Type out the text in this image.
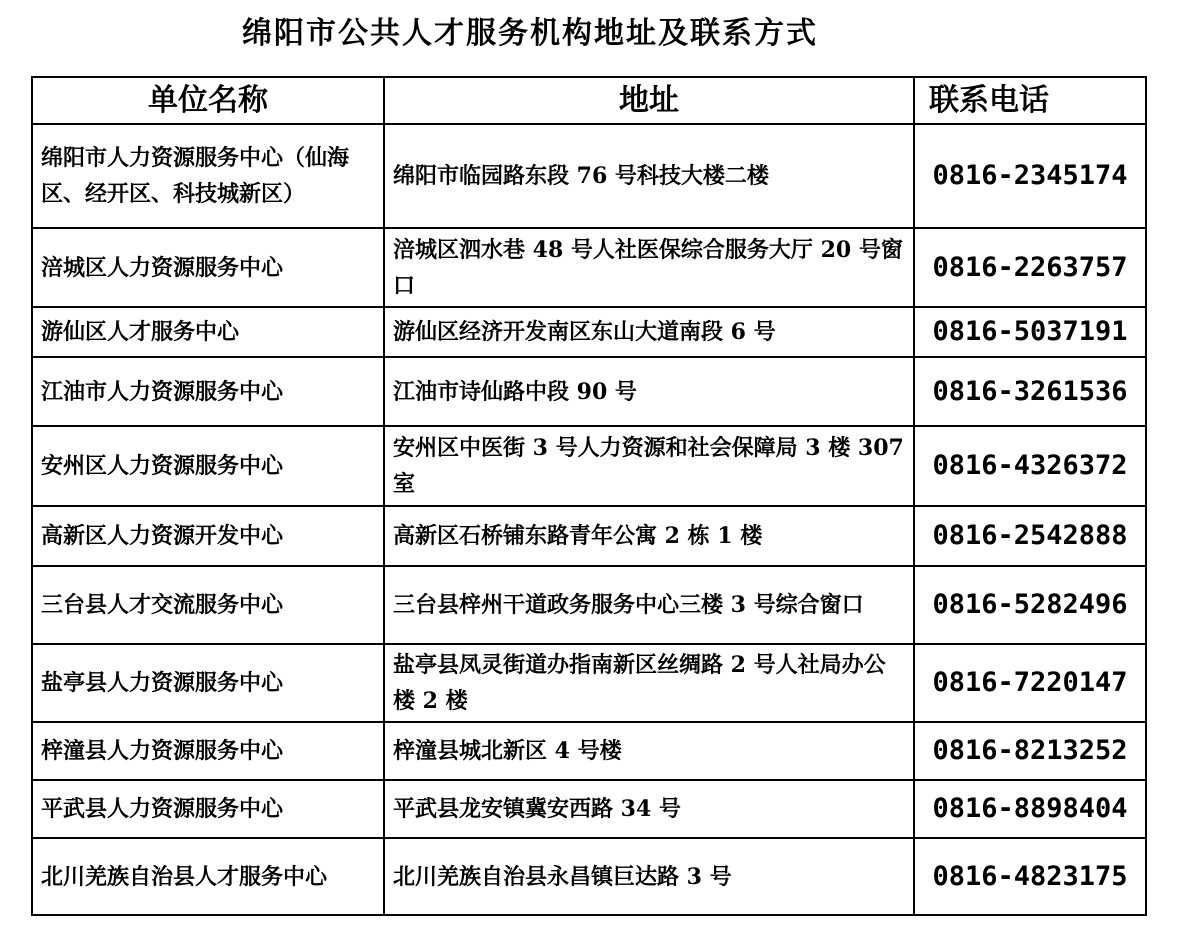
绵阳市公共人才服务机构地址及联系方式
单位名称	地址	联系电话
绵阳市人力资源服务中心（仙海区、经开区、科技城新区）	绵阳市临园路东段 76 号科技大楼二楼	0816-2345174
涪城区人力资源服务中心	涪城区泗水巷 48 号人社医保综合服务大厅 20 号窗口	0816-2263757
游仙区人才服务中心	游仙区经济开发南区东山大道南段 6 号	0816-5037191
江油市人力资源服务中心	江油市诗仙路中段 90 号	0816-3261536
安州区人力资源服务中心	安州区中医街 3 号人力资源和社会保障局 3 楼 307 室	0816-4326372
高新区人力资源开发中心	高新区石桥铺东路青年公寓 2 栋 1 楼	0816-2542888
三台县人才交流服务中心	三台县梓州干道政务服务中心三楼 3 号综合窗口	0816-5282496
盐亭县人力资源服务中心	盐亭县凤灵街道办指南新区丝绸路 2 号人社局办公楼 2 楼	0816-7220147
梓潼县人力资源服务中心	梓潼县城北新区 4 号楼	0816-8213252
平武县人力资源服务中心	平武县龙安镇冀安西路 34 号	0816-8898404
北川羌族自治县人才服务中心	北川羌族自治县永昌镇巨达路 3 号	0816-4823175
